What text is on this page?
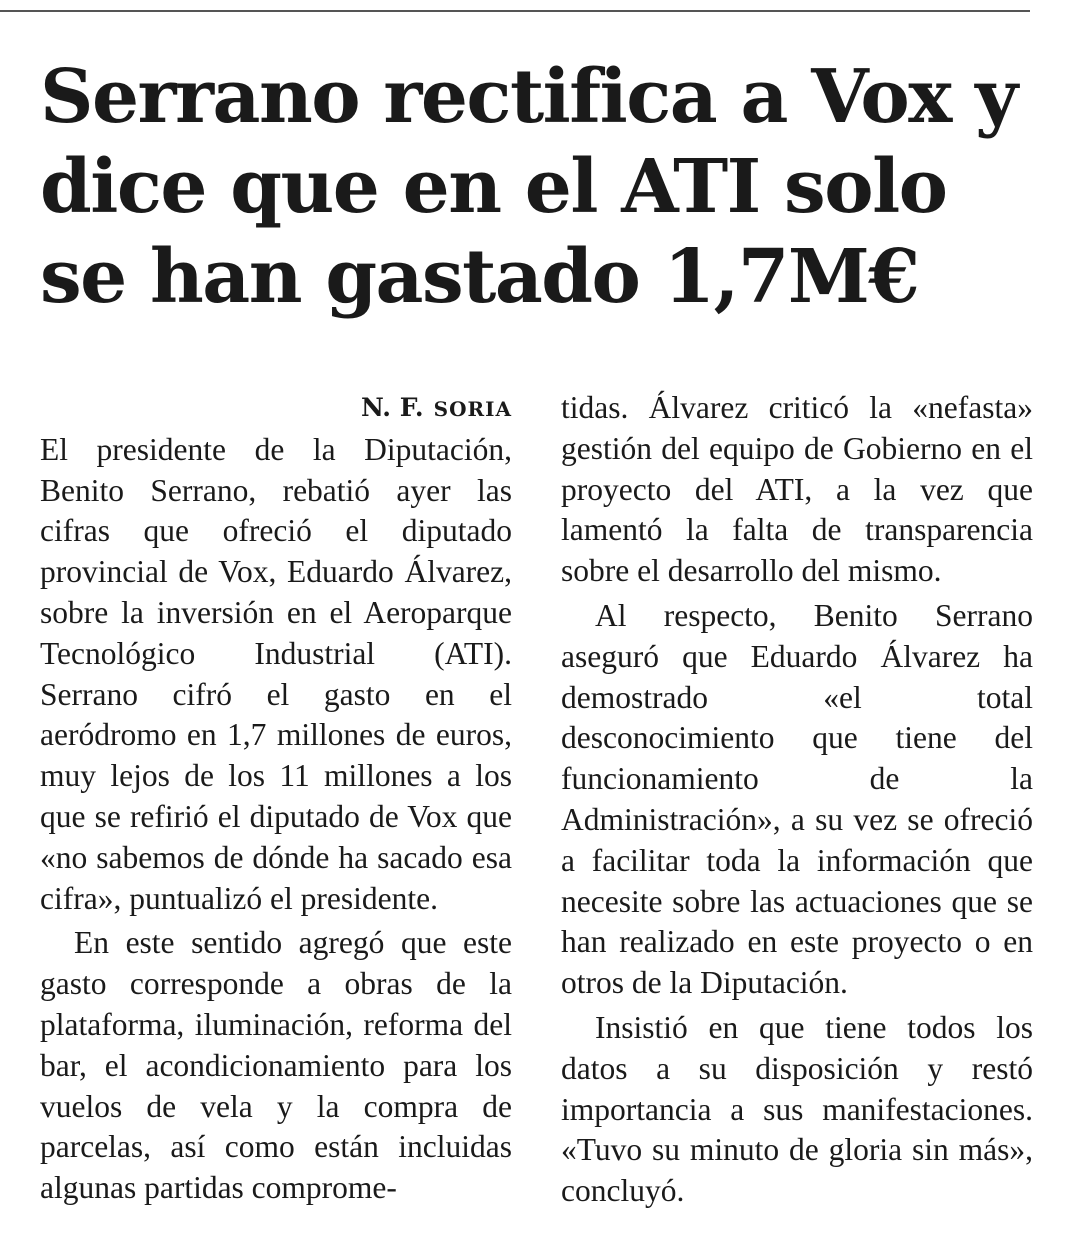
Serrano rectifica a Vox y
dice que en el ATI solo
se han gastado 1,7M€
N. F. SORIA

El presidente de la Diputación, Benito Serrano, rebatió ayer las cifras que ofreció el diputado provincial de Vox, Eduardo Álvarez, sobre la inversión en el Aeroparque Tecnológico Industrial (ATI). Serrano cifró el gasto en el aeródromo en 1,7 millones de euros, muy lejos de los 11 millones a los que se refirió el diputado de Vox que «no sabemos de dónde ha sacado esa cifra», puntualizó el presidente.

En este sentido agregó que este gasto corresponde a obras de la plataforma, iluminación, reforma del bar, el acondicionamiento para los vuelos de vela y la compra de parcelas, así como están incluidas algunas partidas comprome-

tidas. Álvarez criticó la «nefasta» gestión del equipo de Gobierno en el proyecto del ATI, a la vez que lamentó la falta de transparencia sobre el desarrollo del mismo.

Al respecto, Benito Serrano aseguró que Eduardo Álvarez ha demostrado «el total desconocimiento que tiene del funcionamiento de la Administración», a su vez se ofreció a facilitar toda la información que necesite sobre las actuaciones que se han realizado en este proyecto o en otros de la Diputación.

Insistió en que tiene todos los datos a su disposición y restó importancia a sus manifestaciones. «Tuvo su minuto de gloria sin más», concluyó.
